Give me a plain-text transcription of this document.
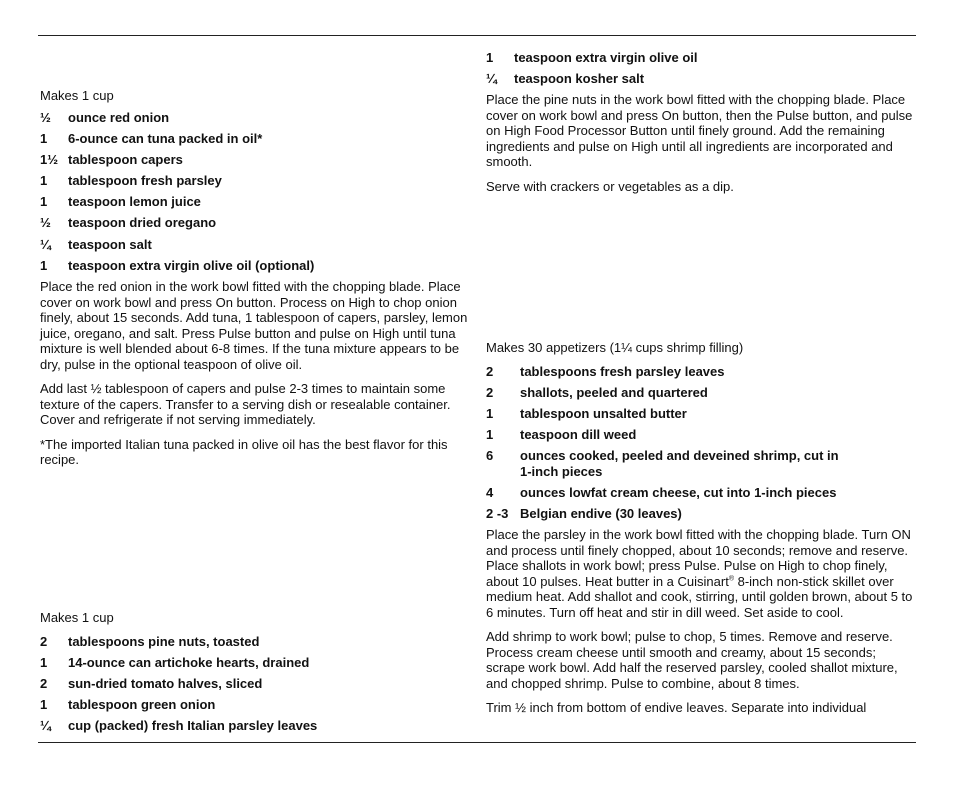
Makes 1 cup
½	ounce red onion
1	6-ounce can tuna packed in oil*
1½ tablespoon capers
1	tablespoon fresh parsley
1	teaspoon lemon juice
½	teaspoon dried oregano
¼	teaspoon salt
1	teaspoon extra virgin olive oil (optional)

Place the red onion in the work bowl fitted with the chopping blade. Place cover on work bowl and press On button. Process on High to chop onion finely, about 15 seconds. Add tuna, 1 tablespoon of capers, parsley, lemon juice, oregano, and salt. Press Pulse button and pulse on High until tuna mixture is well blended about 6-8 times. If the tuna mixture appears to be dry, pulse in the optional teaspoon of olive oil.

Add last ½ tablespoon of capers and pulse 2-3 times to maintain some texture of the capers. Transfer to a serving dish or resealable container. Cover and refrigerate if not serving immediately.

*The imported Italian tuna packed in olive oil has the best flavor for this recipe.

Makes 1 cup
2	tablespoons pine nuts, toasted
1	14-ounce can artichoke hearts, drained
2	sun-dried tomato halves, sliced
1	tablespoon green onion
¼	cup (packed) fresh Italian parsley leaves
1	teaspoon extra virgin olive oil
¼	teaspoon kosher salt

Place the pine nuts in the work bowl fitted with the chopping blade. Place cover on work bowl and press On button, then the Pulse button, and pulse on High Food Processor Button until finely ground. Add the remaining ingredients and pulse on High until all ingredients are incorporated and smooth.

Serve with crackers or vegetables as a dip.

Makes 30 appetizers (1¼ cups shrimp filling)
2	tablespoons fresh parsley leaves
2	shallots, peeled and quartered
1	tablespoon unsalted butter
1	teaspoon dill weed
6	ounces cooked, peeled and deveined shrimp, cut in 1-inch pieces
4	ounces lowfat cream cheese, cut into 1-inch pieces
2 -3 Belgian endive (30 leaves)

Place the parsley in the work bowl fitted with the chopping blade. Turn ON and process until finely chopped, about 10 seconds; remove and reserve. Place shallots in work bowl; press Pulse. Pulse on High to chop finely, about 10 pulses. Heat butter in a Cuisinart® 8-inch non-stick skillet over medium heat. Add shallot and cook, stirring, until golden brown, about 5 to 6 minutes. Turn off heat and stir in dill weed. Set aside to cool.

Add shrimp to work bowl; pulse to chop, 5 times. Remove and reserve. Process cream cheese until smooth and creamy, about 15 seconds; scrape work bowl. Add half the reserved parsley, cooled shallot mixture, and chopped shrimp. Pulse to combine, about 8 times.

Trim ½ inch from bottom of endive leaves. Separate into individual
